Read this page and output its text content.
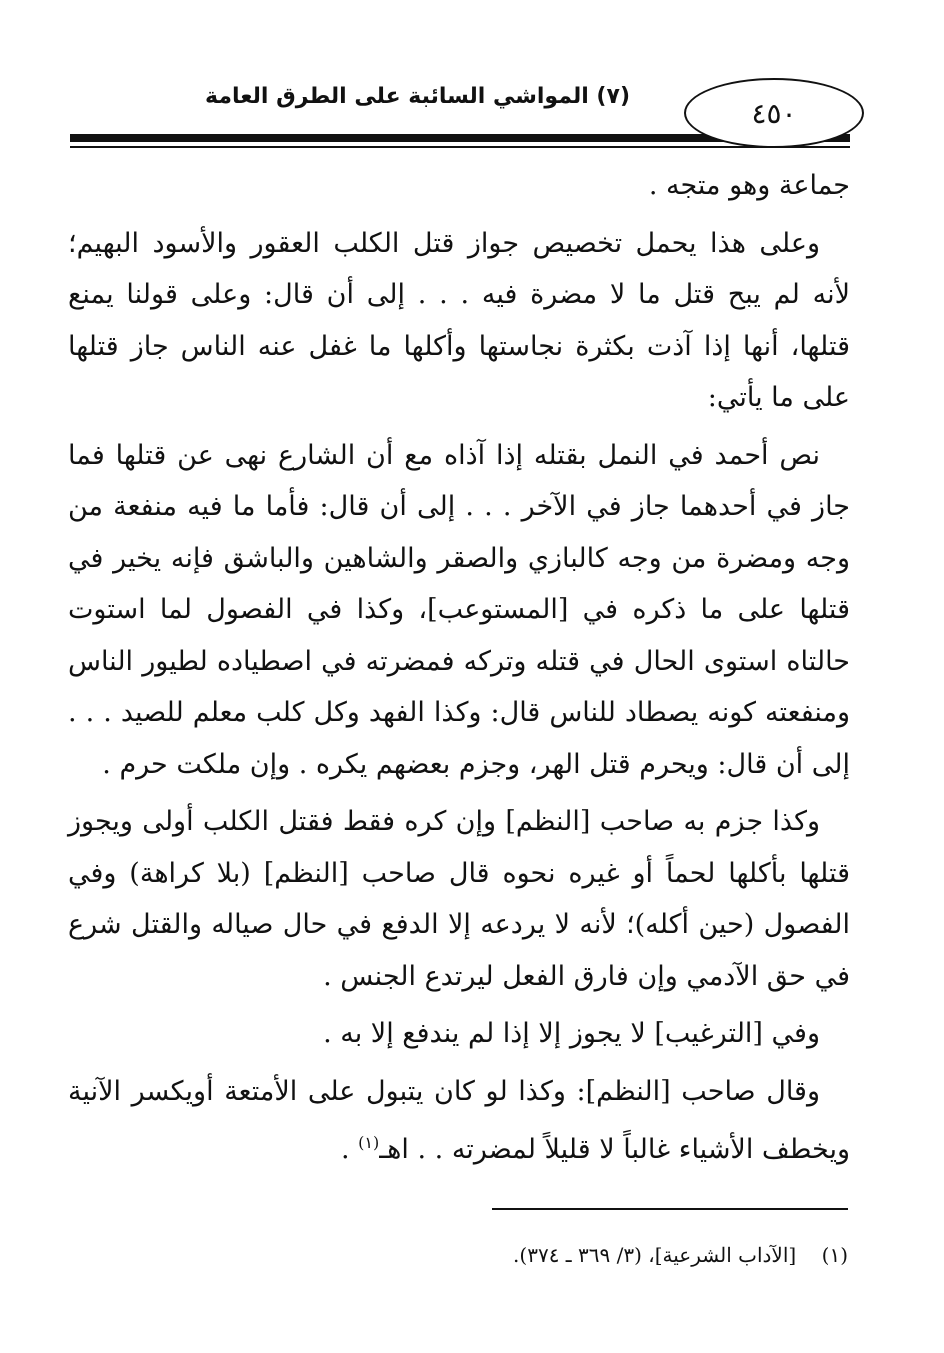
٤٥٠
(٧) المواشي السائبة على الطرق العامة

جماعة وهو متجه .

وعلى هذا يحمل تخصيص جواز قتل الكلب العقور والأسود البهيم؛ لأنه لم يبح قتل ما لا مضرة فيه . . . إلى أن قال: وعلى قولنا يمنع قتلها، أنها إذا آذت بكثرة نجاستها وأكلها ما غفل عنه الناس جاز قتلها على ما يأتي:

نص أحمد في النمل بقتله إذا آذاه مع أن الشارع نهى عن قتلها فما جاز في أحدهما جاز في الآخر . . . إلى أن قال: فأما ما فيه منفعة من وجه ومضرة من وجه كالبازي والصقر والشاهين والباشق فإنه يخير في قتلها على ما ذكره في [المستوعب]، وكذا في الفصول لما استوت حالتاه استوى الحال في قتله وتركه فمضرته في اصطياده لطيور الناس ومنفعته كونه يصطاد للناس قال: وكذا الفهد وكل كلب معلم للصيد . . . إلى أن قال: ويحرم قتل الهر، وجزم بعضهم يكره . وإن ملكت حرم .

وكذا جزم به صاحب [النظم] وإن كره فقط فقتل الكلب أولى ويجوز قتلها بأكلها لحماً أو غيره نحوه قال صاحب [النظم] (بلا كراهة) وفي الفصول (حين أكله)؛ لأنه لا يردعه إلا الدفع في حال صياله والقتل شرع في حق الآدمي وإن فارق الفعل ليرتدع الجنس .

وفي [الترغيب] لا يجوز إلا إذا لم يندفع إلا به .

وقال صاحب [النظم]: وكذا لو كان يتبول على الأمتعة أويكسر الآنية ويخطف الأشياء غالباً لا قليلاً لمضرته . . اهـ$^{(١)}$ .

(١)    [الآداب الشرعية]، (٣/ ٣٦٩ ـ ٣٧٤).
